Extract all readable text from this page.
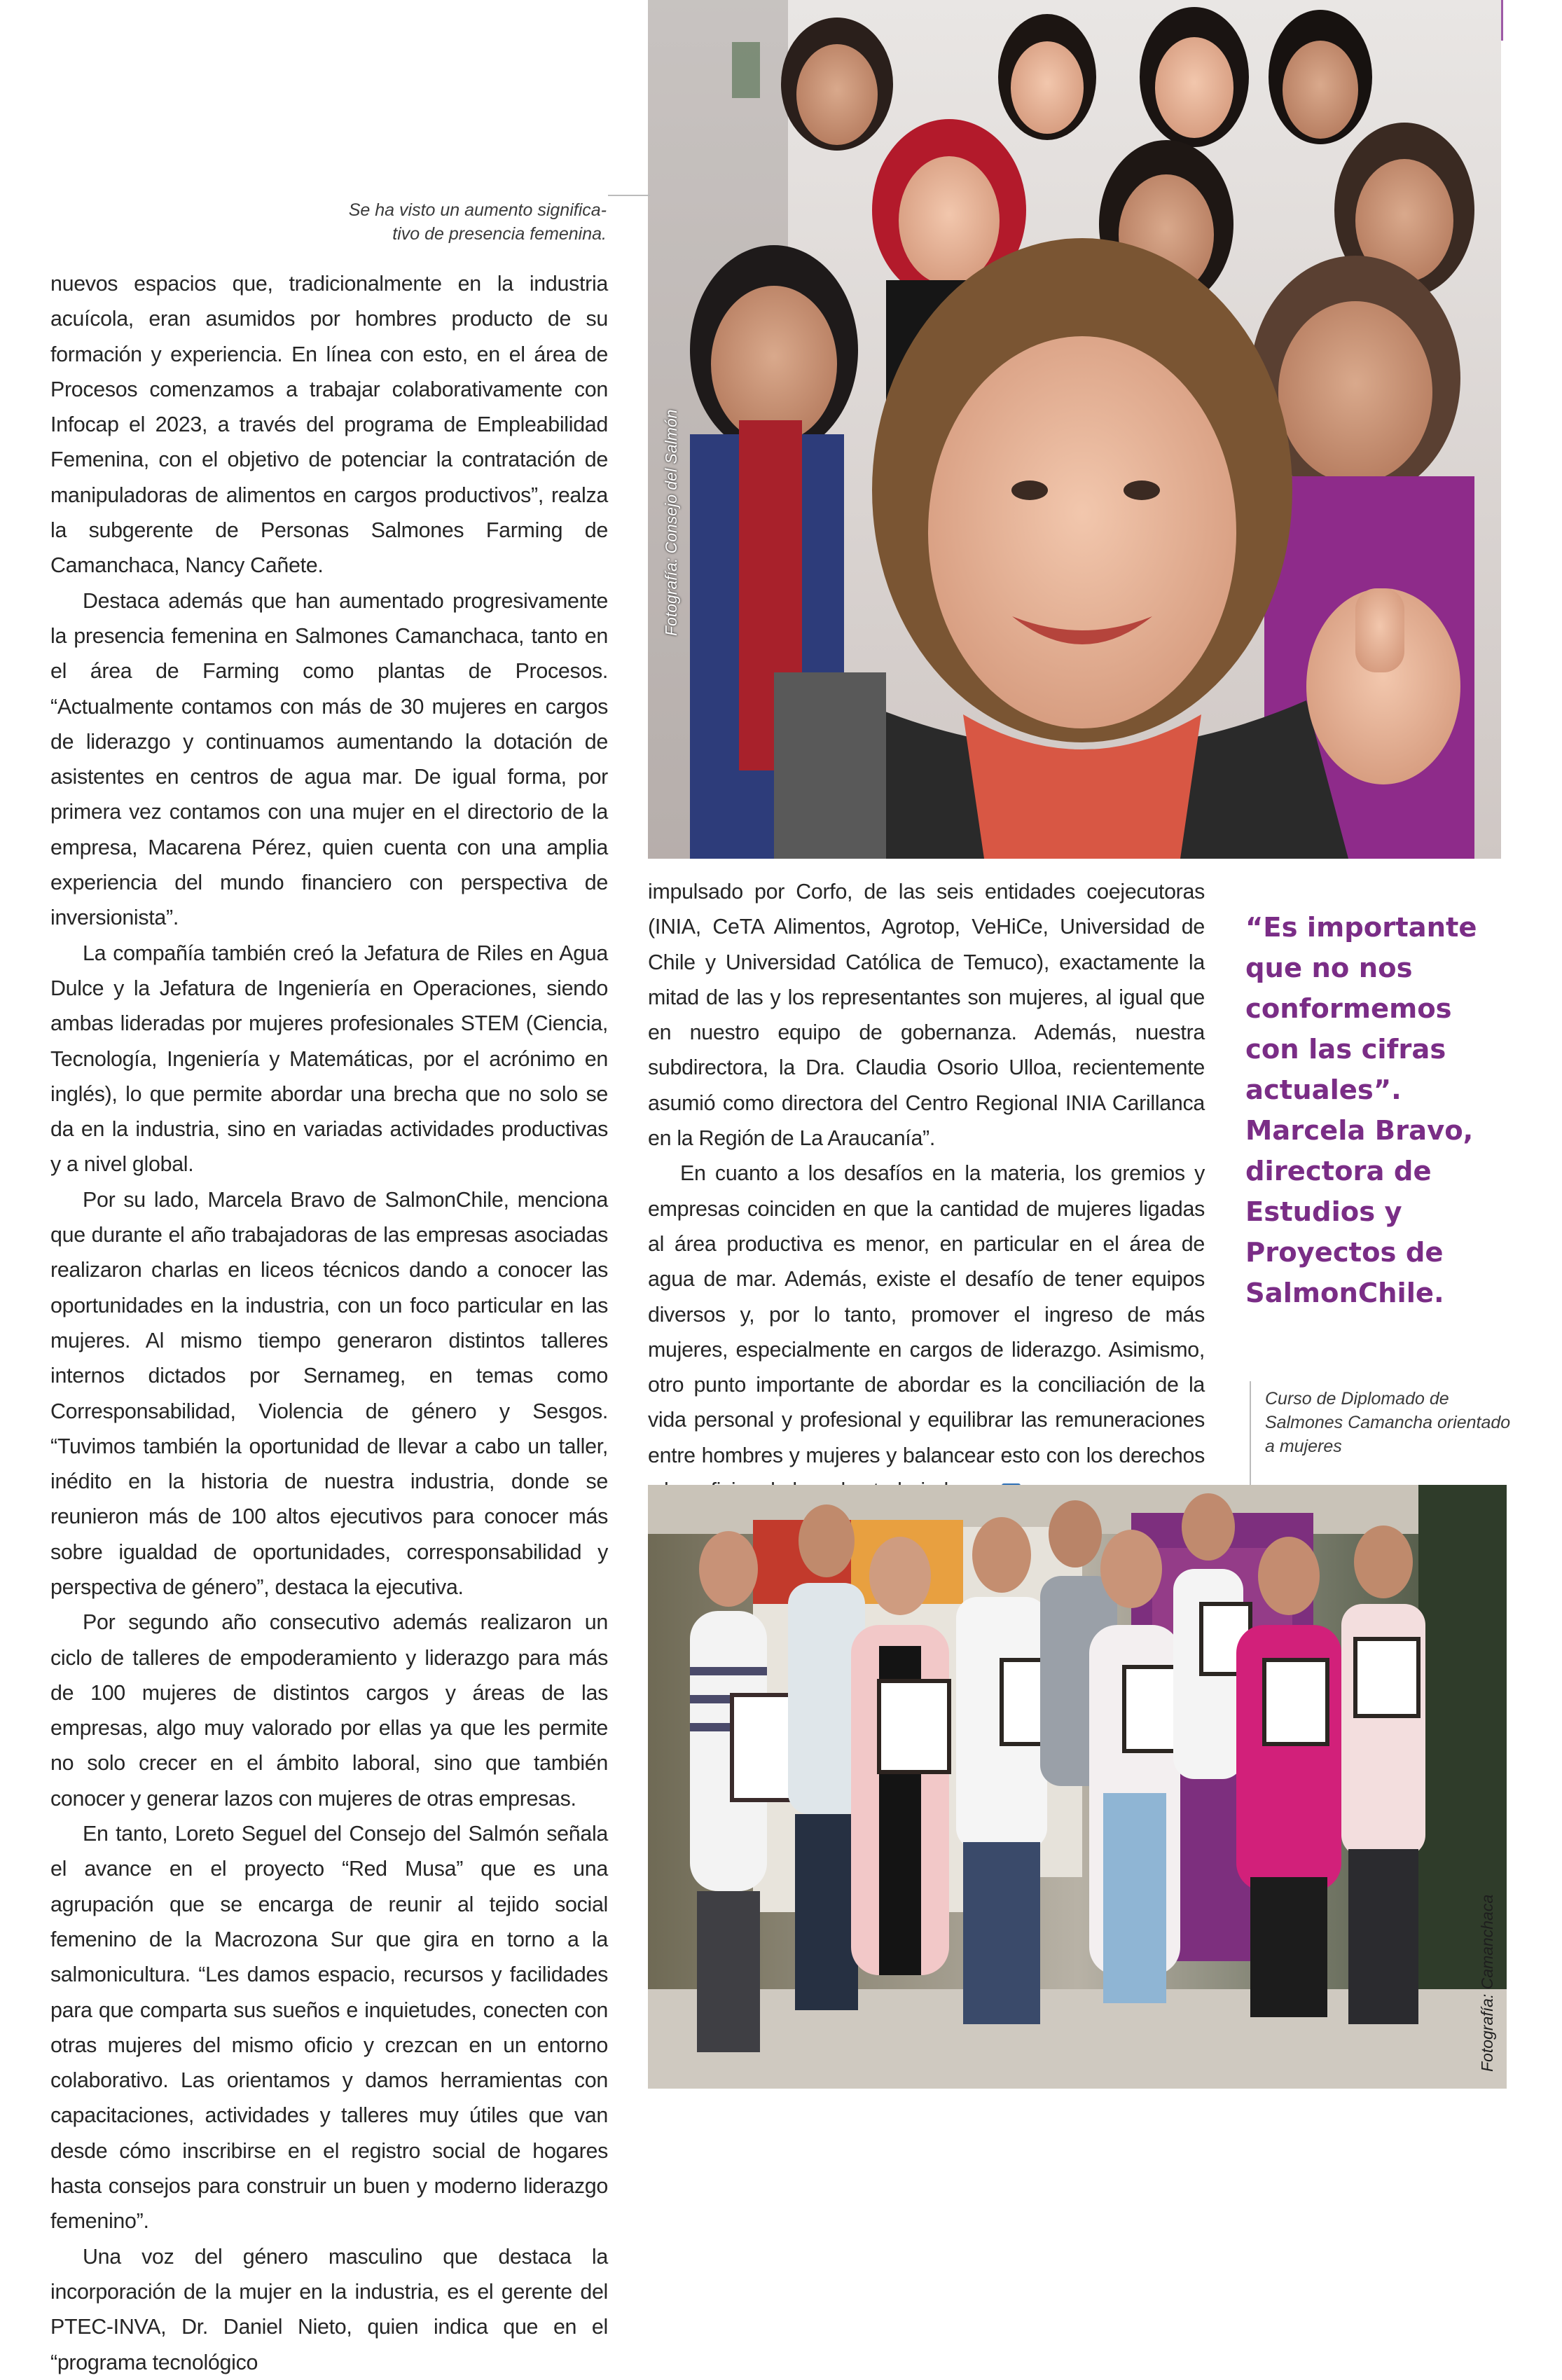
Fotografía: Consejo del Salmón
Se ha visto un aumento significa-
tivo de presencia femenina.

nuevos espacios que, tradicionalmente en la industria acuícola, eran asumidos por hombres producto de su formación y experiencia. En línea con esto, en el área de Procesos comenzamos a trabajar colaborativamente con Infocap el 2023, a través del programa de Empleabilidad Femenina, con el objetivo de potenciar la contratación de manipuladoras de alimentos en cargos productivos”, realza la subgerente de Personas Salmones Farming de Camanchaca, Nancy Cañete.

Destaca además que han aumentado progresivamente la presencia femenina en Salmones Camanchaca, tanto en el área de Farming como plantas de Procesos. “Actualmente contamos con más de 30 mujeres en cargos de liderazgo y continuamos aumentando la dotación de asistentes en centros de agua mar. De igual forma, por primera vez contamos con una mujer en el directorio de la empresa, Macarena Pérez, quien cuenta con una amplia experiencia del mundo financiero con perspectiva de inversionista”.

La compañía también creó la Jefatura de Riles en Agua Dulce y la Jefatura de Ingeniería en Operaciones, siendo ambas lideradas por mujeres profesionales STEM (Ciencia, Tecnología, Ingeniería y Matemáticas, por el acrónimo en inglés), lo que permite abordar una brecha que no solo se da en la industria, sino en variadas actividades productivas y a nivel global.

Por su lado, Marcela Bravo de SalmonChile, menciona que durante el año trabajadoras de las empresas asociadas realizaron charlas en liceos técnicos dando a conocer las oportunidades en la industria, con un foco particular en las mujeres. Al mismo tiempo generaron distintos talleres internos dictados por Sernameg, en temas como Corresponsabilidad, Violencia de género y Sesgos. “Tuvimos también la oportunidad de llevar a cabo un taller, inédito en la historia de nuestra industria, donde se reunieron más de 100 altos ejecutivos para conocer más sobre igualdad de oportunidades, corresponsabilidad y perspectiva de género”, destaca la ejecutiva.

Por segundo año consecutivo además realizaron un ciclo de talleres de empoderamiento y liderazgo para más de 100 mujeres de distintos cargos y áreas de las empresas, algo muy valorado por ellas ya que les permite no solo crecer en el ámbito laboral, sino que también conocer y generar lazos con mujeres de otras empresas.

En tanto, Loreto Seguel del Consejo del Salmón señala el avance en el proyecto “Red Musa” que es una agrupación que se encarga de reunir al tejido social femenino de la Macrozona Sur que gira en torno a la salmonicultura. “Les damos espacio, recursos y facilidades para que comparta sus sueños e inquietudes, conecten con otras mujeres del mismo oficio y crezcan en un entorno colaborativo. Las orientamos y damos herramientas con capacitaciones, actividades y talleres muy útiles que van desde cómo inscribirse en el registro social de hogares hasta consejos para construir un buen y moderno liderazgo femenino”.

Una voz del género masculino que destaca la incorporación de la mujer en la industria, es el gerente del PTEC-INVA, Dr. Daniel Nieto, quien indica que en el “programa tecnológico

impulsado por Corfo, de las seis entidades coejecutoras (INIA, CeTA Alimentos, Agrotop, VeHiCe, Universidad de Chile y Universidad Católica de Temuco), exactamente la mitad de las y los representantes son mujeres, al igual que en nuestro equipo de gobernanza. Además, nuestra subdirectora, la Dra. Claudia Osorio Ulloa, recientemente asumió como directora del Centro Regional INIA Carillanca en la Región de La Araucanía”.

En cuanto a los desafíos en la materia, los gremios y empresas coinciden en que la cantidad de mujeres ligadas al área productiva es menor, en particular en el área de agua de mar. Además, existe el desafío de tener equipos diversos y, por lo tanto, promover el ingreso de más mujeres, especialmente en cargos de liderazgo. Asimismo, otro punto importante de abordar es la conciliación de la vida personal y profesional y equilibrar las remuneraciones entre hombres y mujeres y balancear esto con los derechos

“Es importante
que no nos
conformemos
con las cifras
actuales”.
Marcela Bravo,
directora de
Estudios y
Proyectos de
SalmonChile.
Curso de Diplomado de
Salmones Camancha orientado
a mujeres
Fotografía: Camanchaca
